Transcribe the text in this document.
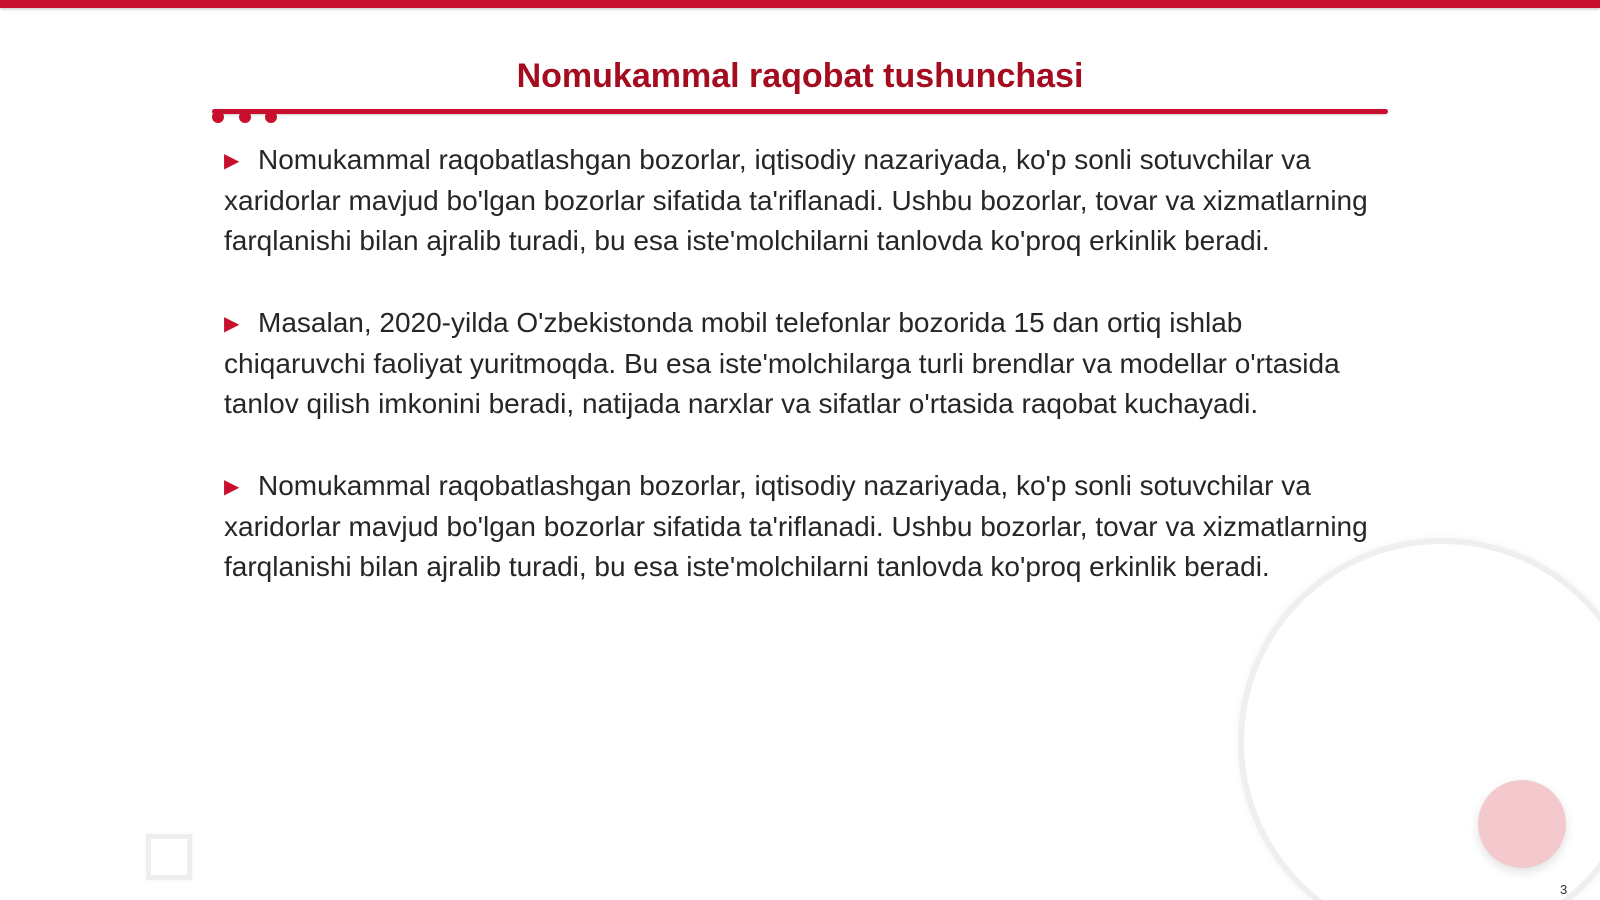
Nomukammal raqobat tushunchasi

▶ Nomukammal raqobatlashgan bozorlar, iqtisodiy nazariyada, ko'p sonli sotuvchilar va xaridorlar mavjud bo'lgan bozorlar sifatida ta'riflanadi. Ushbu bozorlar, tovar va xizmatlarning farqlanishi bilan ajralib turadi, bu esa iste'molchilarni tanlovda ko'proq erkinlik beradi.

▶ Masalan, 2020-yilda O'zbekistonda mobil telefonlar bozorida 15 dan ortiq ishlab chiqaruvchi faoliyat yuritmoqda. Bu esa iste'molchilarga turli brendlar va modellar o'rtasida tanlov qilish imkonini beradi, natijada narxlar va sifatlar o'rtasida raqobat kuchayadi.

▶ Nomukammal raqobatlashgan bozorlar, iqtisodiy nazariyada, ko'p sonli sotuvchilar va xaridorlar mavjud bo'lgan bozorlar sifatida ta'riflanadi. Ushbu bozorlar, tovar va xizmatlarning farqlanishi bilan ajralib turadi, bu esa iste'molchilarni tanlovda ko'proq erkinlik beradi.

3
